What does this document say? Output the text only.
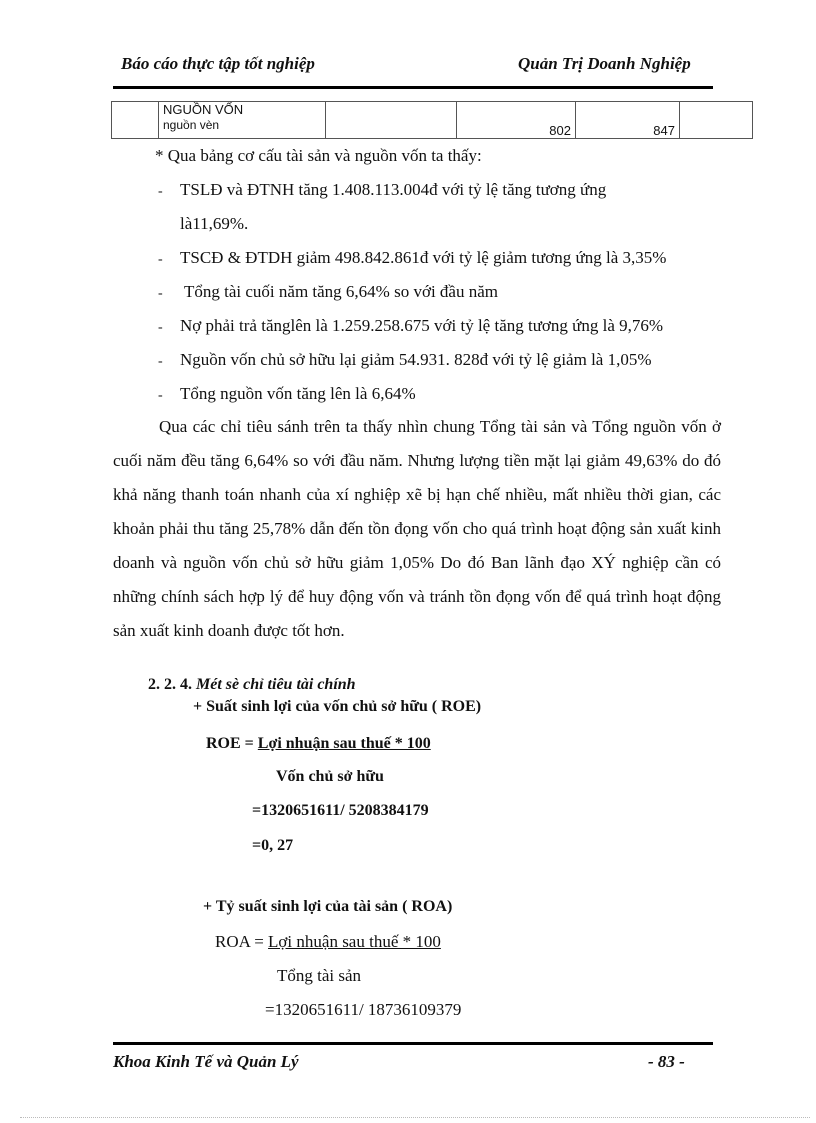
Báo cáo thực tập tốt nghiệp	Quản Trị Doanh Nghiệp

NGUỒN VỐN
nguồn vèn		802	847	

* Qua bảng cơ cấu tài sản và nguồn vốn ta thấy:

- TSLĐ và ĐTNH tăng 1.408.113.004đ với tỷ lệ tăng tương ứng

là11,69%.

- TSCĐ & ĐTDH giảm 498.842.861đ với tỷ lệ giảm tương ứng là 3,35%

- Tổng tài cuối năm tăng 6,64% so với đầu năm

- Nợ phải trả tănglên là 1.259.258.675 với tỷ lệ tăng tương ứng là 9,76%

- Nguồn vốn chủ sở hữu lại giảm 54.931. 828đ với tỷ lệ giảm là 1,05%

- Tổng nguồn vốn tăng lên là 6,64%

Qua các chỉ tiêu sánh trên ta thấy nhìn chung Tổng tài sản và Tổng nguồn vốn ở cuối năm đều tăng 6,64% so với đầu năm. Nhưng lượng tiền mặt lại giảm 49,63% do đó khả năng thanh toán nhanh của xí nghiệp xẽ bị hạn chế nhiều, mất nhiều thời gian, các khoản phải thu tăng 25,78% dẫn đến tồn đọng vốn cho quá trình hoạt động sản xuất kinh doanh và nguồn vốn chủ sở hữu giảm 1,05% Do đó Ban lãnh đạo XÝ nghiệp cần có những chính sách hợp lý để huy động vốn và tránh tồn đọng vốn để quá trình hoạt động sản xuất kinh doanh được tốt hơn.

2. 2. 4. Mét sè chỉ tiêu tài chính

+ Suất sinh lợi của vốn chủ sở hữu ( ROE)

ROE = Lợi nhuận sau thuế * 100

Vốn chủ sở hữu

=1320651611/ 5208384179

=0, 27

+ Tỷ suất sinh lợi của tài sản ( ROA)

ROA = Lợi nhuận sau thuế * 100

Tổng tài sản

=1320651611/ 18736109379

Khoa Kinh Tế và Quản Lý	- 83 -
